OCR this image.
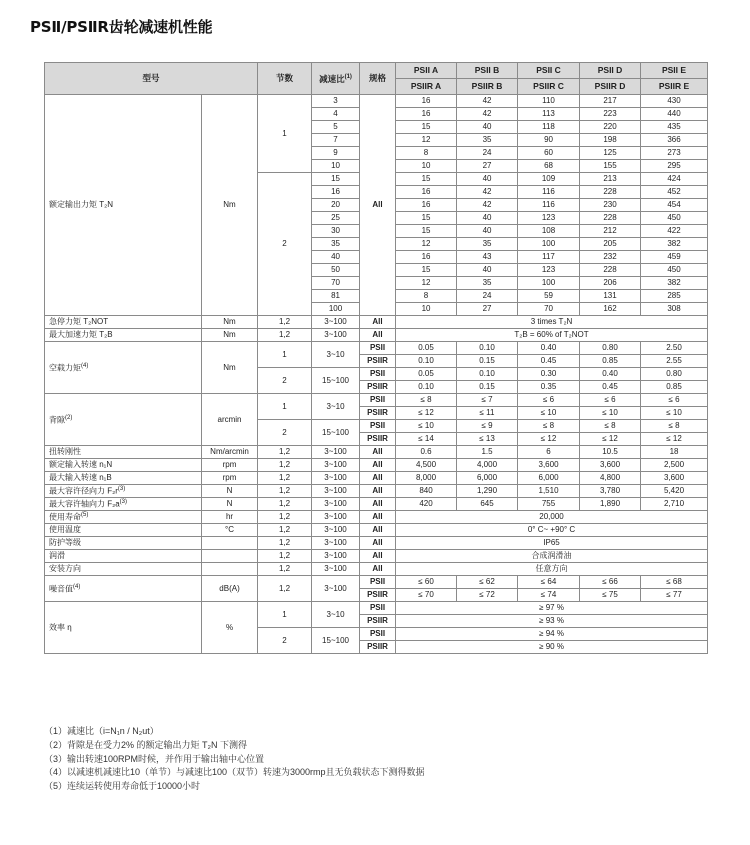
PSⅡ/PSⅡR齿轮减速机性能
型号		节数	减速比$^{(1)}$	规格	PSII A	PSII B	PSII C	PSII D	PSII E
					PSIIR A	PSIIR B	PSIIR C	PSIIR D	PSIIR E
额定输出力矩 T₂N	Nm	1	3	All	16	42	110	217	430
			4		16	42	113	223	440
			5		15	40	118	220	435
			7		12	35	90	198	366
			9		8	24	60	125	273
			10		10	27	68	155	295
		2	15		15	40	109	213	424
			16		16	42	116	228	452
			20		16	42	116	230	454
			25		15	40	123	228	450
			30		15	40	108	212	422
			35		12	35	100	205	382
			40		16	43	117	232	459
			50		15	40	123	228	450
			70		12	35	100	206	382
			81		8	24	59	131	285
			100		10	27	70	162	308
急停力矩 T₂NOT	Nm	1,2	3~100	All	3 times T₂N				
最大加速力矩 T₂B	Nm	1,2	3~100	All	T₂B = 60% of T₂NOT				
空载力矩$^{(4)}$	Nm	1	3~10	PSII	0.05	0.10	0.40	0.80	2.50
				PSIIR	0.10	0.15	0.45	0.85	2.55
		2	15~100	PSII	0.05	0.10	0.30	0.40	0.80
				PSIIR	0.10	0.15	0.35	0.45	0.85
背隙$^{(2)}$	arcmin	1	3~10	PSII	≤ 8	≤ 7	≤ 6	≤ 6	≤ 6
				PSIIR	≤ 12	≤ 11	≤ 10	≤ 10	≤ 10
		2	15~100	PSII	≤ 10	≤ 9	≤ 8	≤ 8	≤ 8
				PSIIR	≤ 14	≤ 13	≤ 12	≤ 12	≤ 12
扭转刚性	Nm/arcmin	1,2	3~100	All	0.6	1.5	6	10.5	18
额定输入转速 n₁N	rpm	1,2	3~100	All	4,500	4,000	3,600	3,600	2,500
最大输入转速 n₁B	rpm	1,2	3~100	All	8,000	6,000	6,000	4,800	3,600
最大容许径向力 $F_2r^{(3)}$	N	1,2	3~100	All	840	1,290	1,510	3,780	5,420
最大容许轴向力 $F_2a^{(3)}$	N	1,2	3~100	All	420	645	755	1,890	2,710
使用寿命$^{(5)}$	hr	1,2	3~100	All	20,000				
使用温度	°C	1,2	3~100	All	0° C~ +90° C				
防护等级		1,2	3~100	All	IP65				
润滑		1,2	3~100	All	合成润滑油				
安装方向		1,2	3~100	All	任意方向				
噪音值$^{(4)}$	dB(A)	1,2	3~100	PSII	≤ 60	≤ 62	≤ 64	≤ 66	≤ 68
				PSIIR	≤ 70	≤ 72	≤ 74	≤ 75	≤ 77
效率 η	%	1	3~10	PSII	≥ 97 %				
				PSIIR	≥ 93 %				
		2	15~100	PSII	≥ 94 %				
				PSIIR	≥ 90 %				
（1）减速比（i=N₁n / N₂ut）
（2）背隙是在受力2% 的额定输出力矩 T₂N 下测得
（3）输出转速100RPM时候，并作用于输出轴中心位置
（4）以减速机减速比10（单节）与减速比100（双节）转速为3000rmp且无负载状态下测得数据
（5）连续运转使用寿命低于10000小时
